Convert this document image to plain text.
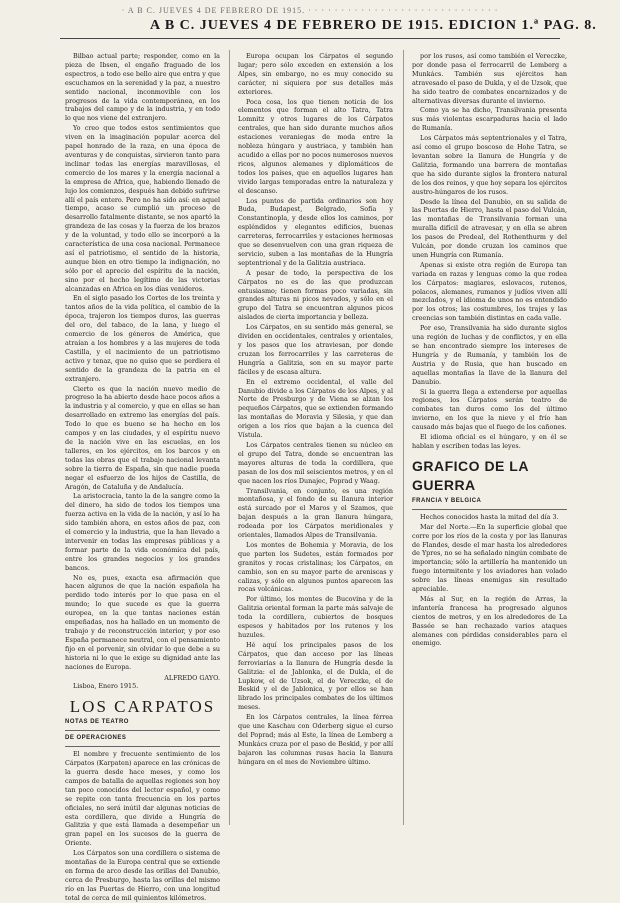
· A B C. JUEVES 4 DE FEBRERO DE 1915. · · · · · · · · · · · · · · · · · · · · · · · · · · · · ·
A B C. JUEVES 4 DE FEBRERO DE 1915. EDICION 1.ª PAG. 8.

Bilbao actual parte; responder, como en la pieza de Ibsen, el engaño fraguado de los espectros, a todo ese bello aire que entra y que escuchamos en la serenidad y la paz, a nuestro sentido nacional, inconmovible con los progresos de la vida contemporánea, en los trabajos del campo y de la industria, y en todo lo que nos viene del extranjero.

Yo creo que todos estos sentimientos que viven en la imaginación popular acerca del papel honrado de la raza, en una época de aventuras y de conquistas, sirvieron tanto para inclinar todas las energías maravillosas, el comercio de los mares y la energía nacional a la empresa de Africa, que, habiendo llenado de lujo los comienzos, después han debido sufrirse allí el país entero. Pero no ha sido así: en aquel tiempo, acaso se cumplió un proceso de desarrollo fatalmente distante, se nos apartó la grandeza de las cosas y la fuerza de los brazos y de la voluntad, y todo ello se incorporó a la característica de una cosa nacional. Permanece así el patriotismo, el sentido de la historia, aunque bien en otro tiempo la indignación, no sólo por el aprecio del espíritu de la nación, sino por el hecho legítimo de las victorias alcanzadas en Africa en los días venideros.

En el siglo pasado los Cortes de los treinta y tantos años de la vida política, el cambio de la época, trajeron los tiempos duros, las guerras del oro, del tabaco, de la lana, y luego el comercio de los géneros de América, que atraían a los hombres y a las mujeres de toda Castilla, y el nacimiento de un patriotismo activo y tenaz, que no quiso que se perdiera el sentido de la grandeza de la patria en el extranjero.

Cierto es que la nación nuevo medio de progreso la ha abierto desde hace pocos años a la industria y al comercio, y que en ellas se han desarrollado en extremo las energías del país. Todo lo que es bueno se ha hecho en los campos y en las ciudades, y el espíritu nuevo de la nación vive en las escuelas, en los talleres, en los ejércitos, en los barcos y en todas las obras que el trabajo nacional levanta sobre la tierra de España, sin que nadie pueda negar el esfuerzo de los hijos de Castilla, de Aragón, de Cataluña y de Andalucía.

La aristocracia, tanto la de la sangre como la del dinero, ha sido de todos los tiempos una fuerza activa en la vida de la nación, y así lo ha sido también ahora, en estos años de paz, con el comercio y la industria, que la han llevado a intervenir en todas las empresas públicas y a formar parte de la vida económica del país, entre los grandes negocios y los grandes bancos.

No es, pues, exacta esa afirmación que hacen algunos de que la nación española ha perdido todo interés por lo que pasa en el mundo; lo que sucede es que la guerra europea, en la que tantas naciones están empeñadas, nos ha hallado en un momento de trabajo y de reconstrucción interior, y por eso España permanece neutral, con el pensamiento fijo en el porvenir, sin olvidar lo que debe a su historia ni lo que le exige su dignidad ante las naciones de Europa.

ALFREDO GAYO.

Lisboa, Enero 1915.

LOS CARPATOS
NOTAS DE TEATRO
DE OPERACIONES

El nombre y frecuente sentimiento de los Cárpatos (Karpaten) aparece en las crónicas de la guerra desde hace meses, y como los campos de batalla de aquellas regiones son hoy tan poco conocidos del lector español, y como se repite con tanta frecuencia en los partes oficiales, no será inútil dar algunas noticias de esta cordillera, que divide a Hungría de Galitzia y que está llamada a desempeñar un gran papel en los sucesos de la guerra de Oriente.

Los Cárpatos son una cordillera o sistema de montañas de la Europa central que se extiende en forma de arco desde las orillas del Danubio, cerca de Presburgo, hasta las orillas del mismo río en las Puertas de Hierro, con una longitud total de cerca de mil quinientos kilómetros.

Europa ocupan los Cárpatos el segundo lugar; pero sólo exceden en extensión a los Alpes, sin embargo, no es muy conocido su carácter, ni siquiera por sus detalles más exteriores.

Poca cosa, los que tienen noticia de los elementos que forman el alto Tatra, Tatra Lomnitz y otros lugares de los Cárpatos centrales, que han sido durante muchos años estaciones veraniegas de moda entre la nobleza húngara y austriaca, y también han acudido a ellas por no pocos numerosos nuevos ricos, algunos alemanes y diplomáticos de todos los países, que en aquellos lugares han vivido largas temporadas entre la naturaleza y el descanso.

Los puntos de partida ordinarios son hoy Buda, Budapest, Belgrado, Sofía y Constantinopla, y desde ellos los caminos, por espléndidos y elegantes edificios, buenas carreteras, ferrocarriles y estaciones hermosas que se desenvuelven con una gran riqueza de servicio, suben a las montañas de la Hungría septentrional y de la Galitzia austriaca.

A pesar de todo, la perspectiva de los Cárpatos no es de las que produzcan entusiasmo; tienen formas poco variadas, sin grandes alturas ni picos nevados, y sólo en el grupo del Tatra se encuentran algunos picos aislados de cierta importancia y belleza.

Los Cárpatos, en su sentido más general, se dividen en occidentales, centrales y orientales, y los pasos que los atraviesan, por donde cruzan los ferrocarriles y las carreteras de Hungría a Galitzia, son en su mayor parte fáciles y de escasa altura.

En el extremo occidental, el valle del Danubio divide a los Cárpatos de los Alpes, y al Norte de Presburgo y de Viena se alzan los pequeños Cárpatos, que se extienden formando las montañas de Moravia y Silesia, y que dan origen a los ríos que bajan a la cuenca del Vístula.

Los Cárpatos centrales tienen su núcleo en el grupo del Tatra, donde se encuentran las mayores alturas de toda la cordillera, que pasan de los dos mil seiscientos metros, y en el que nacen los ríos Dunajec, Poprad y Waag.

Transilvania, en conjunto, es una región montañosa, y el fondo de su llanura interior está surcado por el Maros y el Szamos, que bajan después a la gran llanura húngara, rodeada por los Cárpatos meridionales y orientales, llamados Alpes de Transilvania.

Los montes de Bohemia y Moravia, de los que parten los Sudetes, están formados por granitos y rocas cristalinas; los Cárpatos, en cambio, son en su mayor parte de areniscas y calizas, y sólo en algunos puntos aparecen las rocas volcánicas.

Por último, los montes de Bucovina y de la Galitzia oriental forman la parte más salvaje de toda la cordillera, cubiertos de bosques espesos y habitados por los rutenos y los huzules.

Hé aquí los principales pasos de los Cárpatos, que dan acceso por las líneas ferroviarias a la llanura de Hungría desde la Galitzia: el de Jablonka, el de Dukla, el de Lupkow, el de Uzsok, el de Vereczke, el de Beskid y el de Jablonica, y por ellos se han librado los principales combates de los últimos meses.

En los Cárpatos centrales, la línea férrea que une Kaschau con Oderberg sigue el curso del Poprad; más al Este, la línea de Lemberg a Munkács cruza por el paso de Beskid, y por allí bajaron las columnas rusas hacia la llanura húngara en el mes de Noviembre último.

por los rusos, así como también el Vereczke, por donde pasa el ferrocarril de Lemberg a Munkács. También sus ejércitos han atravesado el paso de Dukla, y el de Uzsok, que ha sido teatro de combates encarnizados y de alternativas diversas durante el invierno.

Como ya se ha dicho, Transilvania presenta sus más violentas escarpaduras hacia el lado de Rumanía.

Los Cárpatos más septentrionales y el Tatra, así como el grupo boscoso de Hohe Tatra, se levantan sobre la llanura de Hungría y de Galitzia, formando una barrera de montañas que ha sido durante siglos la frontera natural de los dos reinos, y que hoy separa los ejércitos austro-húngaros de los rusos.

Desde la línea del Danubio, en su salida de las Puertas de Hierro, hasta el paso del Vulcán, las montañas de Transilvania forman una muralla difícil de atravesar, y en ella se abren los pasos de Predeal, del Rothenthurm y del Vulcán, por donde cruzan los caminos que unen Hungría con Rumanía.

Apenas si existe otra región de Europa tan variada en razas y lenguas como la que rodea los Cárpatos: magiares, eslovacos, rutenos, polacos, alemanes, rumanos y judíos viven allí mezclados, y el idioma de unos no es entendido por los otros; las costumbres, los trajes y las creencias son también distintas en cada valle.

Por eso, Transilvania ha sido durante siglos una región de luchas y de conflictos, y en ella se han encontrado siempre los intereses de Hungría y de Rumanía, y también los de Austria y de Rusia, que han buscado en aquellas montañas la llave de la llanura del Danubio.

Si la guerra llega a extenderse por aquellas regiones, los Cárpatos serán teatro de combates tan duros como los del último invierno, en los que la nieve y el frío han causado más bajas que el fuego de los cañones.

El idioma oficial es el húngaro, y en él se hablan y escriben todas las leyes.

GRAFICO DE LA GUERRA
FRANCIA Y BELGICA

Hechos conocidos hasta la mitad del día 3.

Mar del Norte.—En la superficie global que corre por los ríos de la costa y por las llanuras de Flandes, desde el mar hasta los alrededores de Ypres, no se ha señalado ningún combate de importancia; sólo la artillería ha mantenido un fuego intermitente y los aviadores han volado sobre las líneas enemigas sin resultado apreciable.

Más al Sur, en la región de Arras, la infantería francesa ha progresado algunos cientos de metros, y en los alrededores de La Bassée se han rechazado varios ataques alemanes con pérdidas considerables para el enemigo.
